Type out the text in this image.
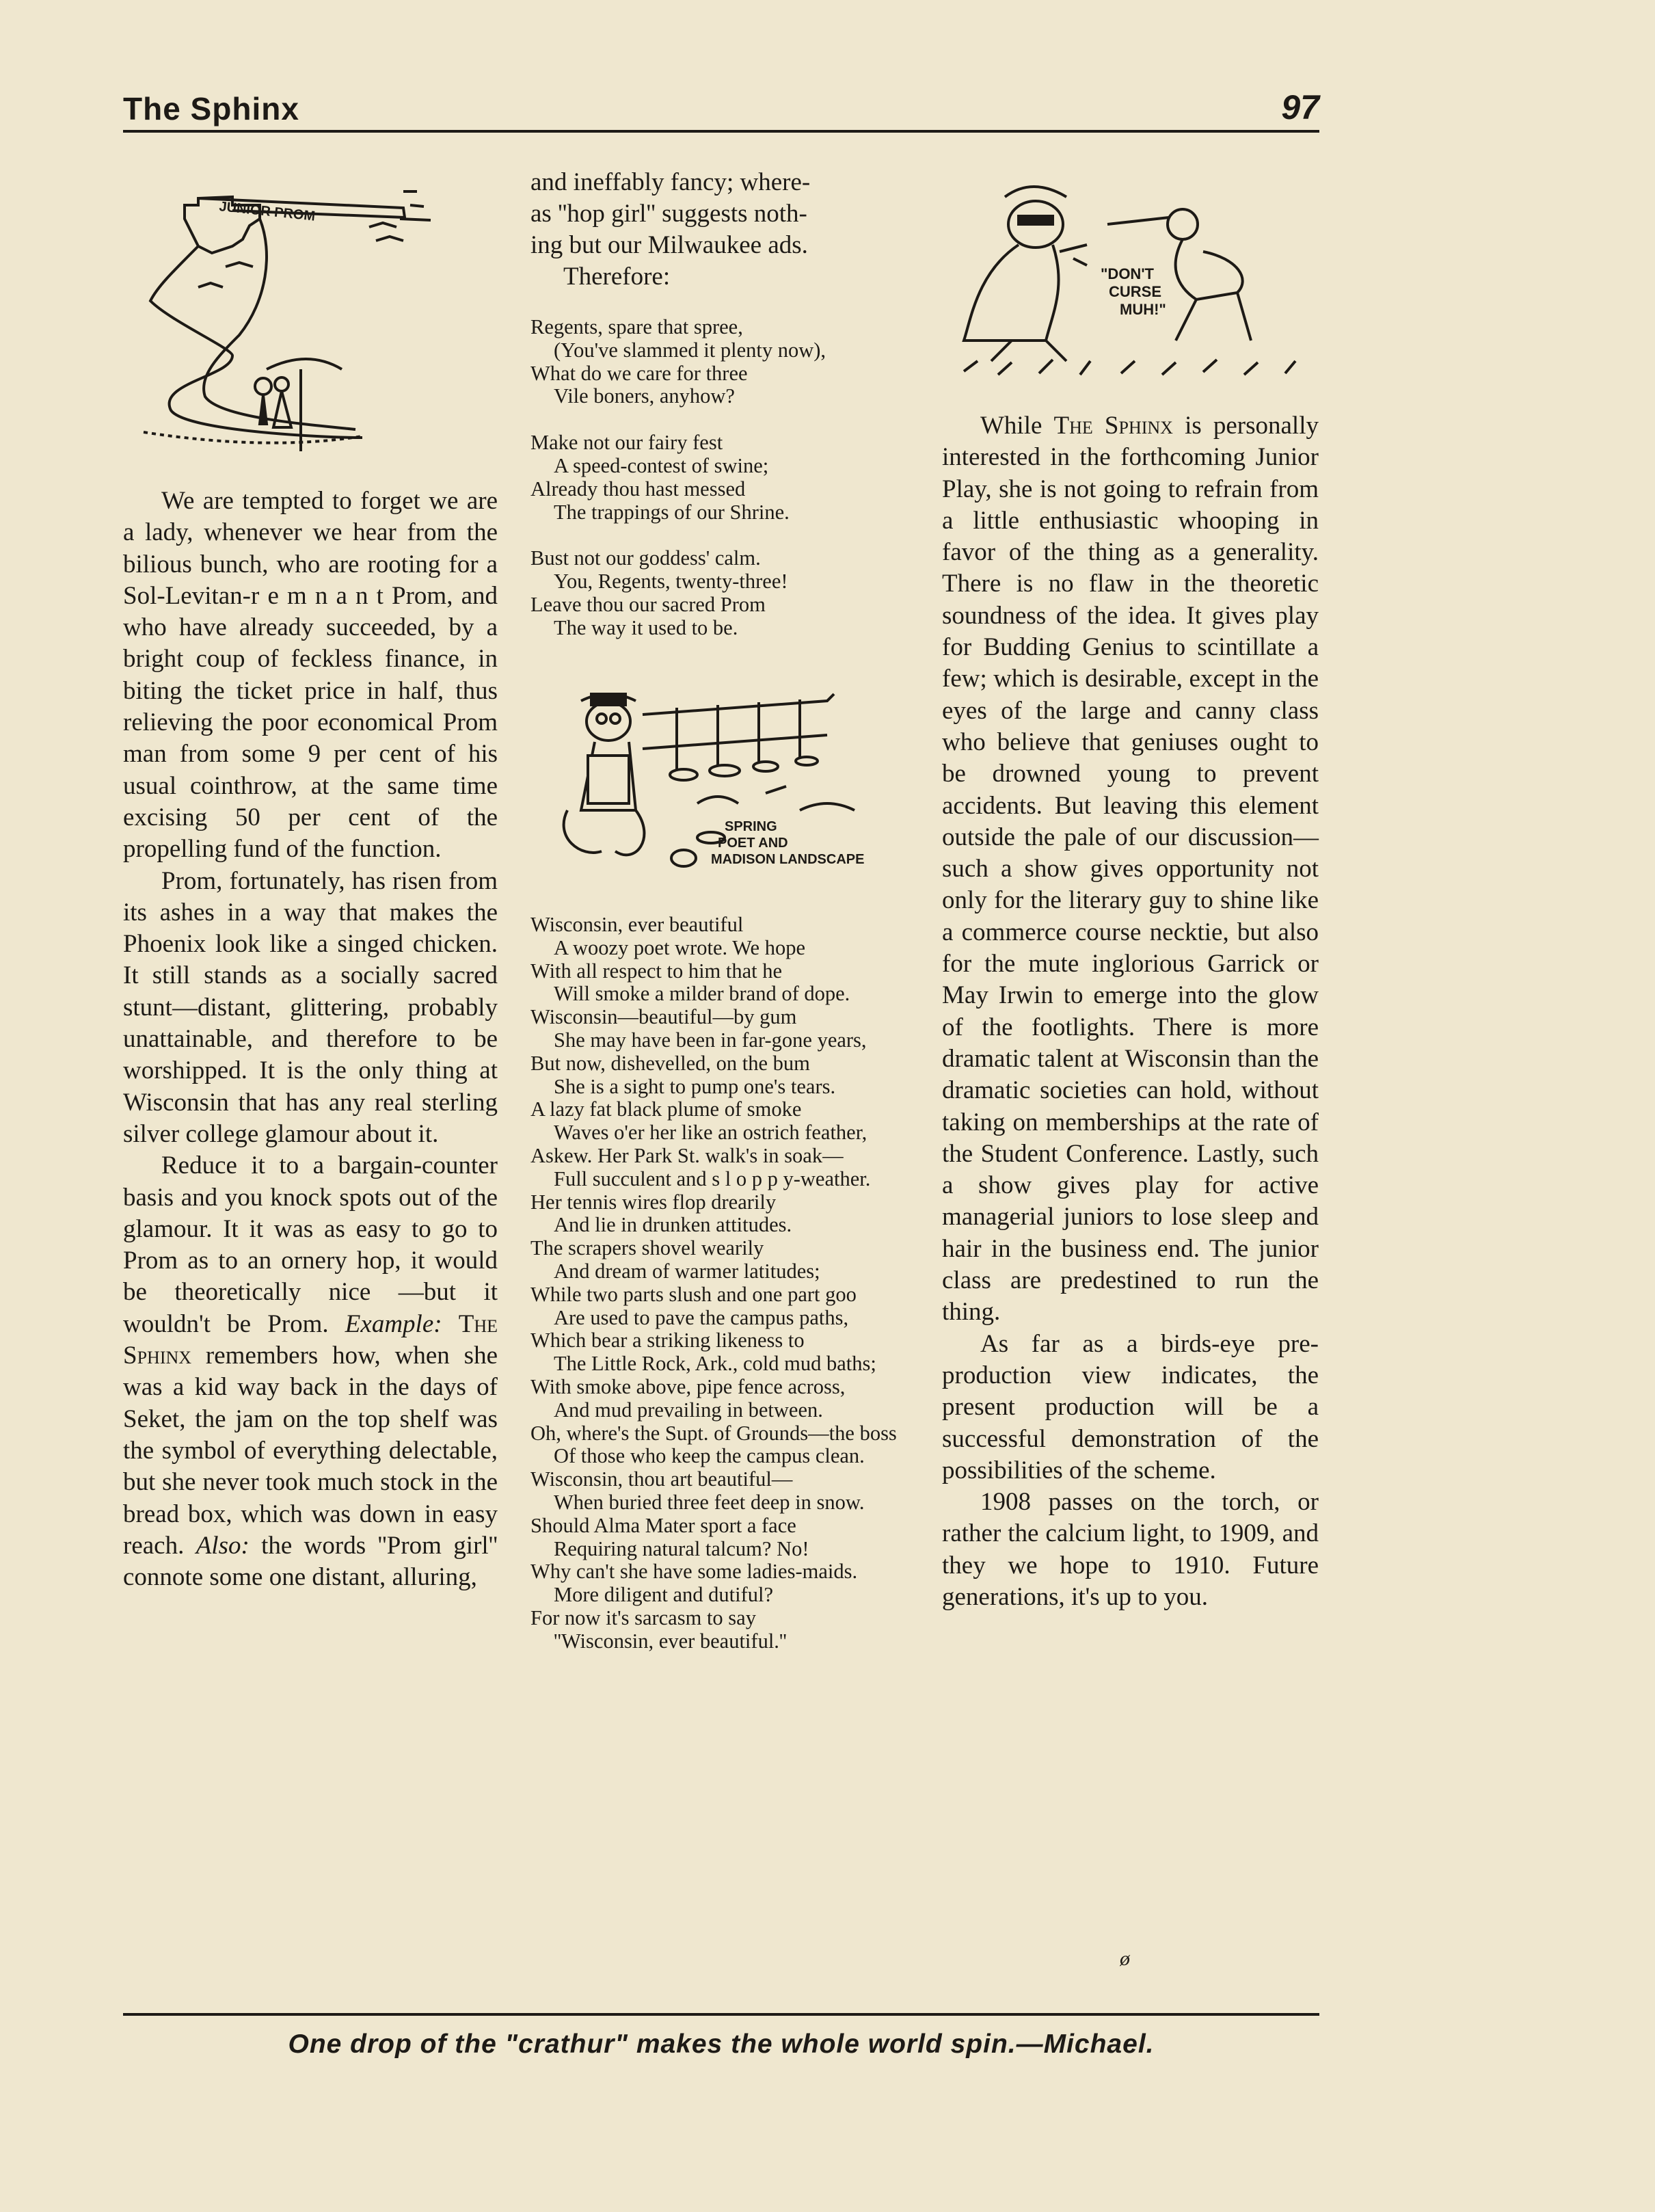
The Sphinx	97
JUNIOR PROM

We are tempted to forget we are a lady, whenever we hear from the bilious bunch, who are rooting for a Sol-Levitan-r e m n a n t Prom, and who have already succeeded, by a bright coup of feckless finance, in biting the ticket price in half, thus relieving the poor economical Prom man from some 9 per cent of his usual cointhrow, at the same time excising 50 per cent of the propelling fund of the function.

Prom, fortunately, has risen from its ashes in a way that makes the Phoenix look like a singed chicken. It still stands as a socially sacred stunt—distant, glittering, probably unattainable, and therefore to be worshipped. It is the only thing at Wisconsin that has any real sterling silver college glamour about it.

Reduce it to a bargain-counter basis and you knock spots out of the glamour. It it was as easy to go to Prom as to an ornery hop, it would be theoretically nice —but it wouldn't be Prom. Example: The Sphinx remembers how, when she was a kid way back in the days of Seket, the jam on the top shelf was the symbol of everything delectable, but she never took much stock in the bread box, which was down in easy reach. Also: the words ''Prom girl'' connote some one distant, alluring,

and ineffably fancy; where-
as ''hop girl'' suggests noth-
ing but our Milwaukee ads.
Therefore:
Regents, spare that spree,
(You've slammed it plenty now),
What do we care for three
Vile boners, anyhow?
Make not our fairy fest
A speed-contest of swine;
Already thou hast messed
The trappings of our Shrine.
Bust not our goddess' calm.
You, Regents, twenty-three!
Leave thou our sacred Prom
The way it used to be.
SPRING
POET AND
MADISON LANDSCAPE
Wisconsin, ever beautiful
A woozy poet wrote. We hope
With all respect to him that he
Will smoke a milder brand of dope.
Wisconsin—beautiful—by gum
She may have been in far-gone years,
But now, dishevelled, on the bum
She is a sight to pump one's tears.
A lazy fat black plume of smoke
Waves o'er her like an ostrich feather,
Askew. Her Park St. walk's in soak—
Full succulent and s l o p p y-weather.
Her tennis wires flop drearily
And lie in drunken attitudes.
The scrapers shovel wearily
And dream of warmer latitudes;
While two parts slush and one part goo
Are used to pave the campus paths,
Which bear a striking likeness to
The Little Rock, Ark., cold mud baths;
With smoke above, pipe fence across,
And mud prevailing in between.
Oh, where's the Supt. of Grounds—the boss
Of those who keep the campus clean.
Wisconsin, thou art beautiful—
When buried three feet deep in snow.
Should Alma Mater sport a face
Requiring natural talcum? No!
Why can't she have some ladies-maids.
More diligent and dutiful?
For now it's sarcasm to say
''Wisconsin, ever beautiful.''
"DON'T
CURSE
MUH!"

While The Sphinx is personally interested in the forthcoming Junior Play, she is not going to refrain from a little enthusiastic whooping in favor of the thing as a generality. There is no flaw in the theoretic soundness of the idea. It gives play for Budding Genius to scintillate a few; which is desirable, except in the eyes of the large and canny class who believe that geniuses ought to be drowned young to prevent accidents. But leaving this element outside the pale of our discussion—such a show gives opportunity not only for the literary guy to shine like a commerce course necktie, but also for the mute inglorious Garrick or May Irwin to emerge into the glow of the footlights. There is more dramatic talent at Wisconsin than the dramatic societies can hold, without taking on memberships at the rate of the Student Conference. Lastly, such a show gives play for active managerial juniors to lose sleep and hair in the business end. The junior class are predestined to run the thing.

As far as a birds-eye pre-production view indicates, the present production will be a successful demonstration of the possibilities of the scheme.

1908 passes on the torch, or rather the calcium light, to 1909, and they we hope to 1910. Future generations, it's up to you.

ø
One drop of the "crathur" makes the whole world spin.—Michael.
